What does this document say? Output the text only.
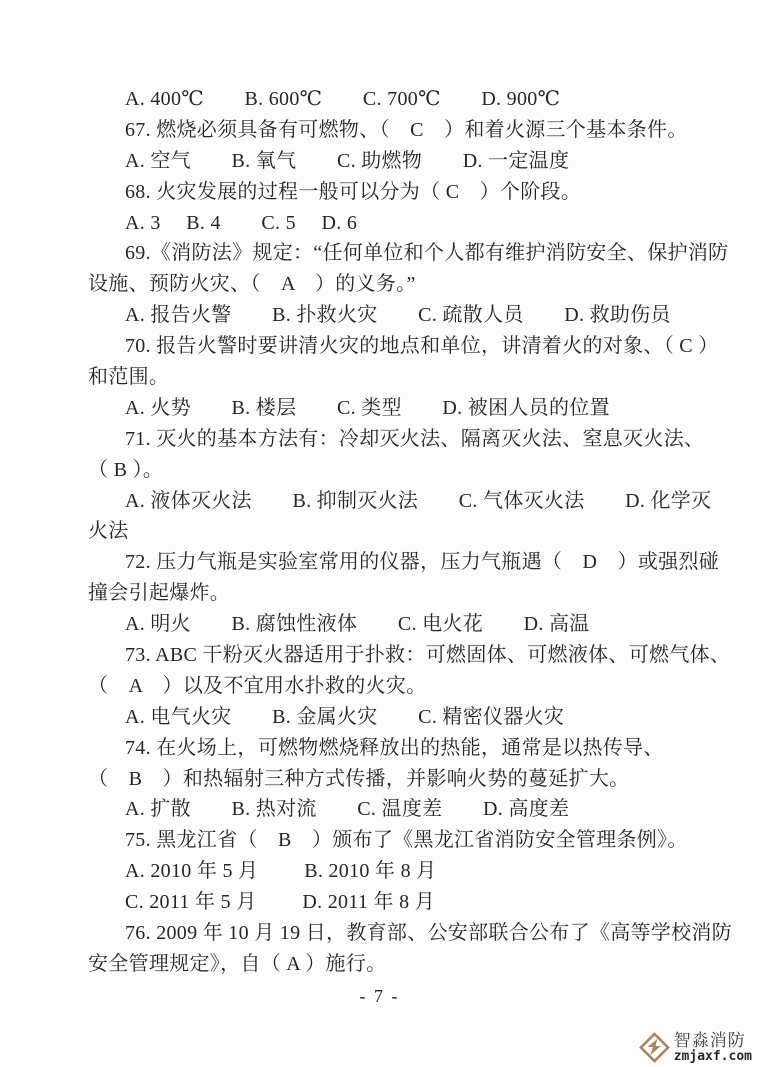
A. 400℃　　B. 600℃　　C. 700℃　　D. 900℃
67. 燃烧必须具备有可燃物、（　C　）和着火源三个基本条件。
A. 空气　　B. 氧气　　C. 助燃物　　D. 一定温度
68. 火灾发展的过程一般可以分为（ C　）个阶段。
A. 3　 B. 4　　C. 5　 D. 6
69.《消防法》规定：“任何单位和个人都有维护消防安全、保护消防
设施、预防火灾、（　A　）的义务。”
A. 报告火警　　B. 扑救火灾　　C. 疏散人员　　D. 救助伤员
70. 报告火警时要讲清火灾的地点和单位，讲清着火的对象、（ C ）
和范围。
A. 火势　　B. 楼层　　C. 类型　　D. 被困人员的位置
71. 灭火的基本方法有：冷却灭火法、隔离灭火法、窒息灭火法、
（ B ）。
A. 液体灭火法　　B. 抑制灭火法　　C. 气体灭火法　　D. 化学灭
火法
72. 压力气瓶是实验室常用的仪器，压力气瓶遇（　D　）或强烈碰
撞会引起爆炸。
A. 明火　　B. 腐蚀性液体　　C. 电火花　　D. 高温
73. ABC 干粉灭火器适用于扑救：可燃固体、可燃液体、可燃气体、
（　A　）以及不宜用水扑救的火灾。
A. 电气火灾　　B. 金属火灾　　C. 精密仪器火灾
74. 在火场上，可燃物燃烧释放出的热能，通常是以热传导、
（　B　）和热辐射三种方式传播，并影响火势的蔓延扩大。
A. 扩散　　B. 热对流　　C. 温度差　　D. 高度差
75. 黑龙江省（　B　）颁布了《黑龙江省消防安全管理条例》。
A. 2010 年 5 月　　 B. 2010 年 8 月
C. 2011 年 5 月　　 D. 2011 年 8 月
76. 2009 年 10 月 19 日，教育部、公安部联合公布了《高等学校消防
安全管理规定》，自（ A ）施行。
- 7 -
智淼消防
zmjaxf.com
